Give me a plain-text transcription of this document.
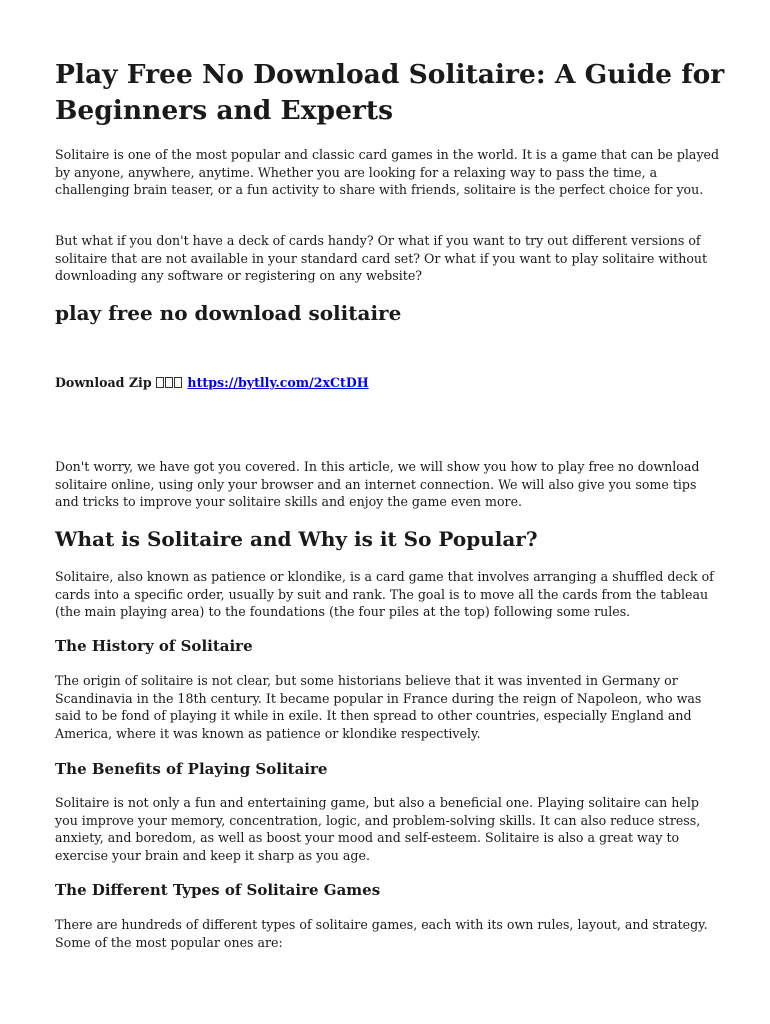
Play Free No Download Solitaire: A Guide for Beginners and Experts

Solitaire is one of the most popular and classic card games in the world. It is a game that can be played by anyone, anywhere, anytime. Whether you are looking for a relaxing way to pass the time, a challenging brain teaser, or a fun activity to share with friends, solitaire is the perfect choice for you.

But what if you don't have a deck of cards handy? Or what if you want to try out different versions of solitaire that are not available in your standard card set? Or what if you want to play solitaire without downloading any software or registering on any website?

play free no download solitaire
Download Zip	https://bytlly.com/2xCtDH

Don't worry, we have got you covered. In this article, we will show you how to play free no download solitaire online, using only your browser and an internet connection. We will also give you some tips and tricks to improve your solitaire skills and enjoy the game even more.

What is Solitaire and Why is it So Popular?

Solitaire, also known as patience or klondike, is a card game that involves arranging a shuffled deck of cards into a specific order, usually by suit and rank. The goal is to move all the cards from the tableau (the main playing area) to the foundations (the four piles at the top) following some rules.

The History of Solitaire

The origin of solitaire is not clear, but some historians believe that it was invented in Germany or Scandinavia in the 18th century. It became popular in France during the reign of Napoleon, who was said to be fond of playing it while in exile. It then spread to other countries, especially England and America, where it was known as patience or klondike respectively.

The Benefits of Playing Solitaire

Solitaire is not only a fun and entertaining game, but also a beneficial one. Playing solitaire can help you improve your memory, concentration, logic, and problem-solving skills. It can also reduce stress, anxiety, and boredom, as well as boost your mood and self-esteem. Solitaire is also a great way to exercise your brain and keep it sharp as you age.

The Different Types of Solitaire Games

There are hundreds of different types of solitaire games, each with its own rules, layout, and strategy. Some of the most popular ones are:
